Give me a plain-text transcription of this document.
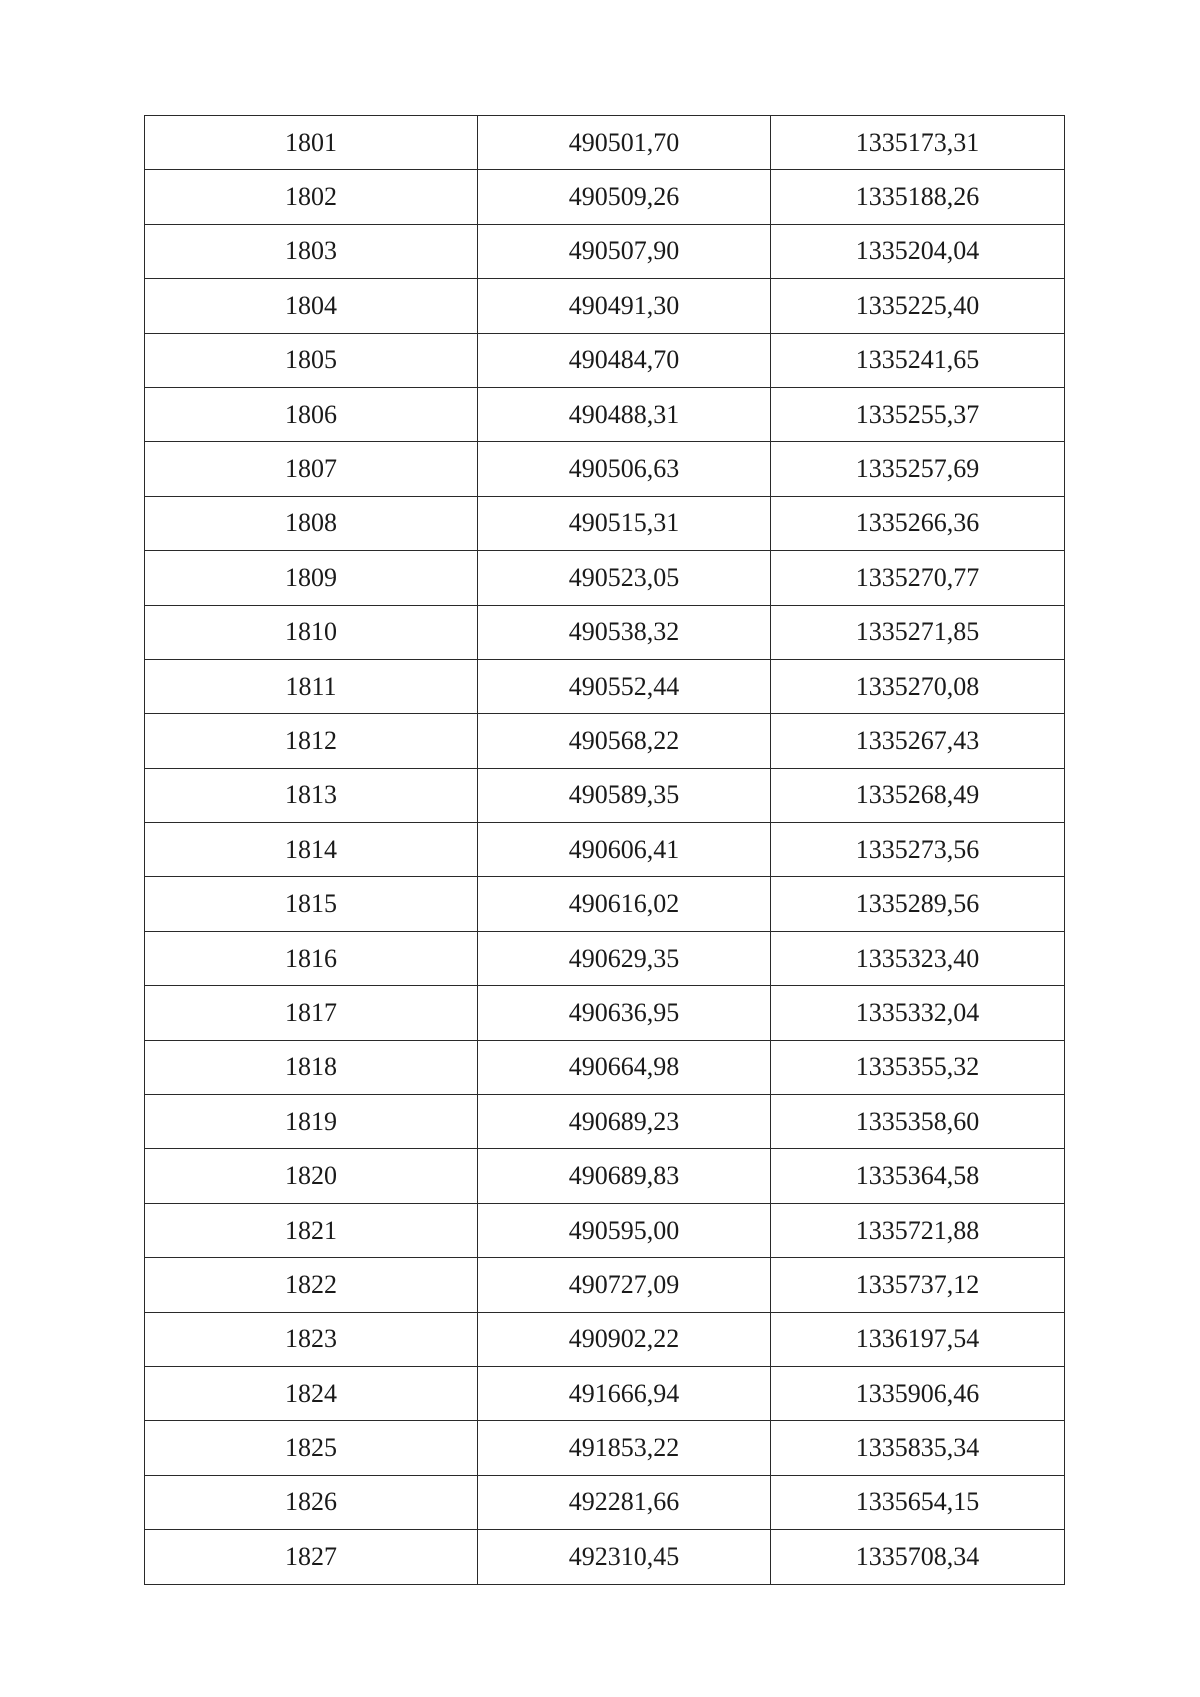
1801	490501,70	1335173,31
1802	490509,26	1335188,26
1803	490507,90	1335204,04
1804	490491,30	1335225,40
1805	490484,70	1335241,65
1806	490488,31	1335255,37
1807	490506,63	1335257,69
1808	490515,31	1335266,36
1809	490523,05	1335270,77
1810	490538,32	1335271,85
1811	490552,44	1335270,08
1812	490568,22	1335267,43
1813	490589,35	1335268,49
1814	490606,41	1335273,56
1815	490616,02	1335289,56
1816	490629,35	1335323,40
1817	490636,95	1335332,04
1818	490664,98	1335355,32
1819	490689,23	1335358,60
1820	490689,83	1335364,58
1821	490595,00	1335721,88
1822	490727,09	1335737,12
1823	490902,22	1336197,54
1824	491666,94	1335906,46
1825	491853,22	1335835,34
1826	492281,66	1335654,15
1827	492310,45	1335708,34
